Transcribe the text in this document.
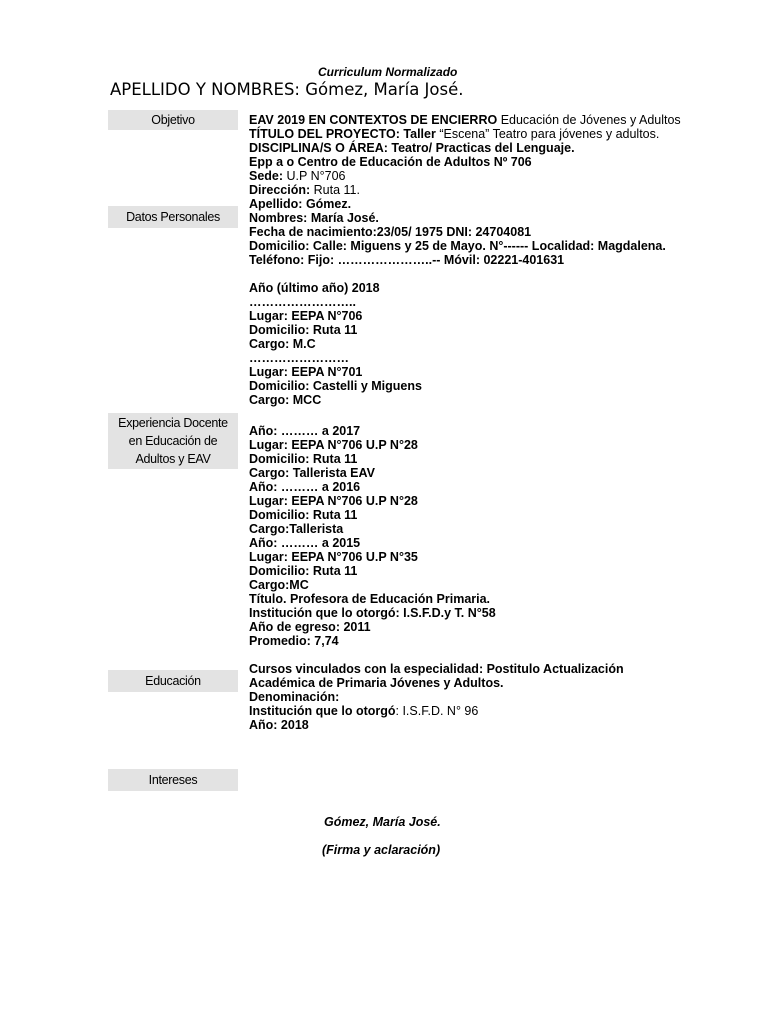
Curriculum Normalizado
APELLIDO Y NOMBRES: Gómez, María José.
Objetivo
Datos Personales
Experiencia Docente
en Educación de
Adultos y EAV
Educación
Intereses
EAV 2019 EN CONTEXTOS DE ENCIERRO Educación de Jóvenes y Adultos
TÍTULO DEL PROYECTO: Taller “Escena” Teatro para jóvenes y adultos.
DISCIPLINA/S O ÁREA: Teatro/ Practicas del Lenguaje.
Epp a o Centro de Educación de Adultos Nº 706
Sede: U.P N°706
Dirección: Ruta 11.
Apellido: Gómez.
Nombres: María José.
Fecha de nacimiento:23/05/ 1975 DNI: 24704081
Domicilio: Calle: Miguens y 25 de Mayo. N°------ Localidad: Magdalena.
Teléfono: Fijo: …………………..-- Móvil: 02221-401631
Año (último año) 2018
……………………..
Lugar: EEPA N°706
Domicilio: Ruta 11
Cargo: M.C
……………………
Lugar: EEPA N°701
Domicilio: Castelli y Miguens
Cargo: MCC
Año: ……… a 2017
Lugar: EEPA N°706 U.P N°28
Domicilio: Ruta 11
Cargo: Tallerista EAV
Año: ……… a 2016
Lugar: EEPA N°706 U.P N°28
Domicilio: Ruta 11
Cargo:Tallerista
Año: ……… a 2015
Lugar: EEPA N°706 U.P N°35
Domicilio: Ruta 11
Cargo:MC
Título. Profesora de Educación Primaria.
Institución que lo otorgó: I.S.F.D.y T. N°58
Año de egreso: 2011
Promedio: 7,74
Cursos vinculados con la especialidad: Postitulo Actualización
Académica de Primaria Jóvenes y Adultos.
Denominación:
Institución que lo otorgó: I.S.F.D. N° 96
Año: 2018
Gómez, María José.
(Firma y aclaración)
